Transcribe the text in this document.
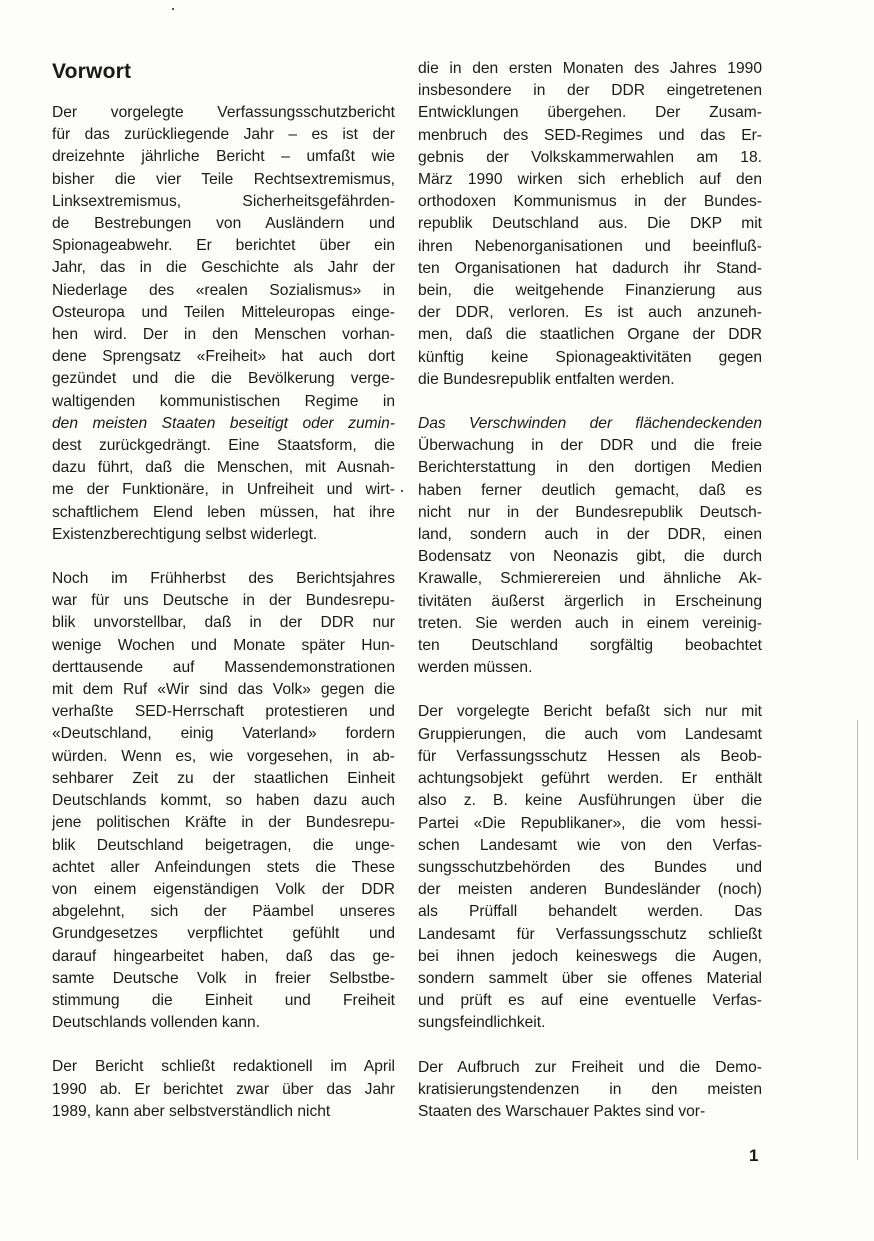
Vorwort

Der vorgelegte Verfassungsschutzbericht
für das zurückliegende Jahr – es ist der
dreizehnte jährliche Bericht – umfaßt wie
bisher die vier Teile Rechtsextremismus,
Linksextremismus, Sicherheitsgefährden-
de Bestrebungen von Ausländern und
Spionageabwehr. Er berichtet über ein
Jahr, das in die Geschichte als Jahr der
Niederlage des «realen Sozialismus» in
Osteuropa und Teilen Mitteleuropas einge-
hen wird. Der in den Menschen vorhan-
dene Sprengsatz «Freiheit» hat auch dort
gezündet und die die Bevölkerung verge-
waltigenden kommunistischen Regime in
den meisten Staaten beseitigt oder zumin-
dest zurückgedrängt. Eine Staatsform, die
dazu führt, daß die Menschen, mit Ausnah-
me der Funktionäre, in Unfreiheit und wirt-
schaftlichem Elend leben müssen, hat ihre
Existenzberechtigung selbst widerlegt.

Noch im Frühherbst des Berichtsjahres
war für uns Deutsche in der Bundesrepu-
blik unvorstellbar, daß in der DDR nur
wenige Wochen und Monate später Hun-
derttausende auf Massendemonstrationen
mit dem Ruf «Wir sind das Volk» gegen die
verhaßte SED-Herrschaft protestieren und
«Deutschland, einig Vaterland» fordern
würden. Wenn es, wie vorgesehen, in ab-
sehbarer Zeit zu der staatlichen Einheit
Deutschlands kommt, so haben dazu auch
jene politischen Kräfte in der Bundesrepu-
blik Deutschland beigetragen, die unge-
achtet aller Anfeindungen stets die These
von einem eigenständigen Volk der DDR
abgelehnt, sich der Päambel unseres
Grundgesetzes verpflichtet gefühlt und
darauf hingearbeitet haben, daß das ge-
samte Deutsche Volk in freier Selbstbe-
stimmung die Einheit und Freiheit
Deutschlands vollenden kann.

Der Bericht schließt redaktionell im April
1990 ab. Er berichtet zwar über das Jahr
1989, kann aber selbstverständlich nicht

die in den ersten Monaten des Jahres 1990
insbesondere in der DDR eingetretenen
Entwicklungen übergehen. Der Zusam-
menbruch des SED-Regimes und das Er-
gebnis der Volkskammerwahlen am 18.
März 1990 wirken sich erheblich auf den
orthodoxen Kommunismus in der Bundes-
republik Deutschland aus. Die DKP mit
ihren Nebenorganisationen und beeinfluß-
ten Organisationen hat dadurch ihr Stand-
bein, die weitgehende Finanzierung aus
der DDR, verloren. Es ist auch anzuneh-
men, daß die staatlichen Organe der DDR
künftig keine Spionageaktivitäten gegen
die Bundesrepublik entfalten werden.

Das Verschwinden der flächendeckenden
Überwachung in der DDR und die freie
Berichterstattung in den dortigen Medien
haben ferner deutlich gemacht, daß es
nicht nur in der Bundesrepublik Deutsch-
land, sondern auch in der DDR, einen
Bodensatz von Neonazis gibt, die durch
Krawalle, Schmierereien und ähnliche Ak-
tivitäten äußerst ärgerlich in Erscheinung
treten. Sie werden auch in einem vereinig-
ten Deutschland sorgfältig beobachtet
werden müssen.

Der vorgelegte Bericht befaßt sich nur mit
Gruppierungen, die auch vom Landesamt
für Verfassungsschutz Hessen als Beob-
achtungsobjekt geführt werden. Er enthält
also z. B. keine Ausführungen über die
Partei «Die Republikaner», die vom hessi-
schen Landesamt wie von den Verfas-
sungsschutzbehörden des Bundes und
der meisten anderen Bundesländer (noch)
als Prüffall behandelt werden. Das
Landesamt für Verfassungsschutz schließt
bei ihnen jedoch keineswegs die Augen,
sondern sammelt über sie offenes Material
und prüft es auf eine eventuelle Verfas-
sungsfeindlichkeit.

Der Aufbruch zur Freiheit und die Demo-
kratisierungstendenzen in den meisten
Staaten des Warschauer Paktes sind vor-

1
